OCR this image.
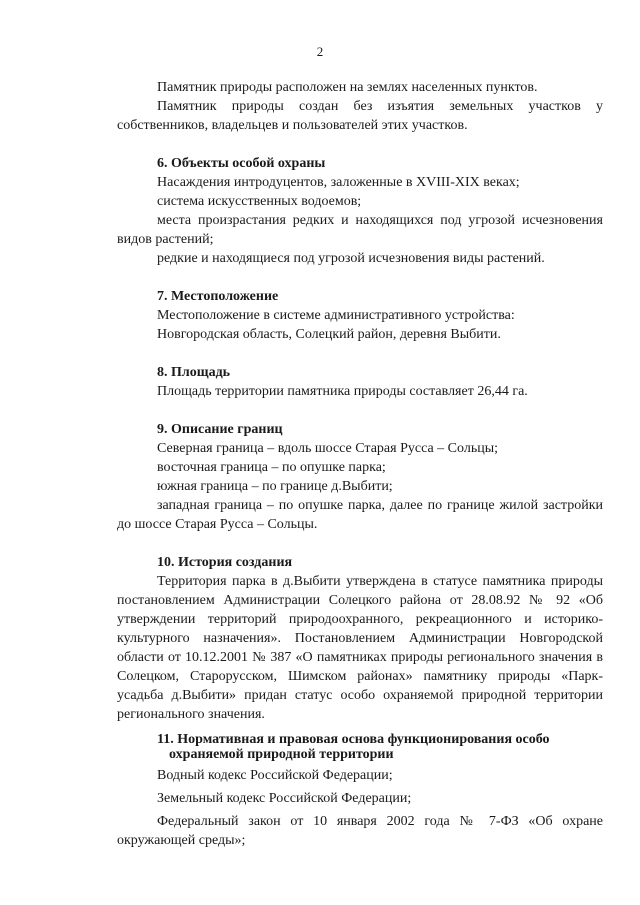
2

Памятник природы расположен на землях населенных пунктов.

Памятник природы создан без изъятия земельных участков у собственников, владельцев и пользователей этих участков.

6. Объекты особой охраны

Насаждения интродуцентов, заложенные в XVIII-XIX веках;

система искусственных водоемов;

места произрастания редких и находящихся под угрозой исчезновения видов растений;

редкие и находящиеся под угрозой исчезновения виды растений.

7. Местоположение

Местоположение в системе административного устройства:

Новгородская область, Солецкий район, деревня Выбити.

8. Площадь

Площадь территории памятника природы составляет 26,44 га.

9. Описание границ

Северная граница – вдоль шоссе Старая Русса – Сольцы;

восточная граница – по опушке парка;

южная граница – по границе д.Выбити;

западная граница – по опушке парка, далее по границе жилой застройки до шоссе Старая Русса – Сольцы.

10. История создания

Территория парка в д.Выбити утверждена в статусе памятника природы постановлением Администрации Солецкого района от 28.08.92 № 92 «Об утверждении территорий природоохранного, рекреационного и историко-культурного назначения». Постановлением Администрации Новгородской области от 10.12.2001 № 387 «О памятниках природы регионального значения в Солецком, Старорусском, Шимском районах» памятнику природы «Парк-усадьба д.Выбити» придан статус особо охраняемой природной территории регионального значения.

11. Нормативная и правовая основа функционирования особо
охраняемой природной территории

Водный кодекс Российской Федерации;

Земельный кодекс Российской Федерации;

Федеральный закон от 10 января 2002 года № 7-ФЗ «Об охране окружающей среды»;
